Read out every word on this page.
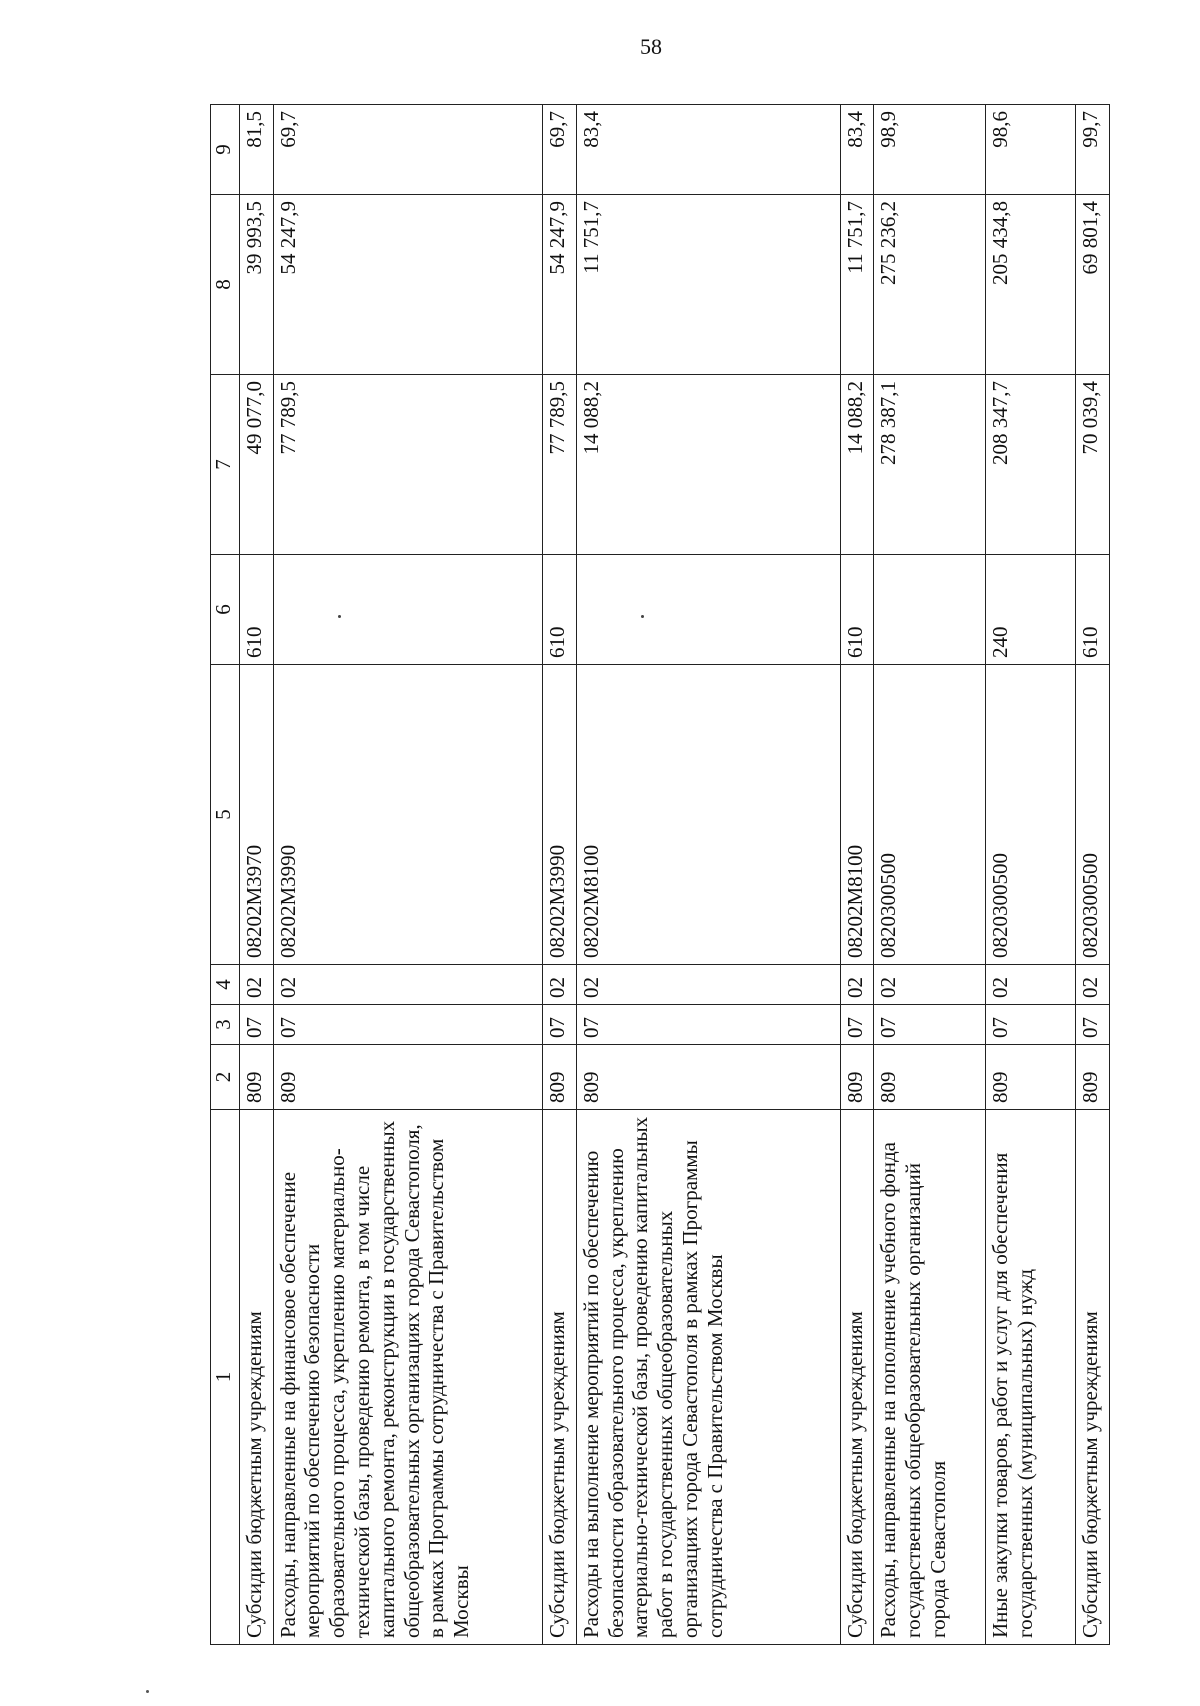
58
1	2	3	4	5	6	7	8	9
Субсидии бюджетным учреждениям	809	07	02	08202М3970	610	49 077,0	39 993,5	81,5
Расходы, направленные на финансовое обеспечение мероприятий по обеспечению безопасности образовательного процесса, укреплению материально-технической базы, проведению ремонта, в том числе капитального ремонта, реконструкции в государственных общеобразовательных организациях города Севастополя, в рамках Программы сотрудничества с Правительством Москвы	809	07	02	08202М3990		77 789,5	54 247,9	69,7
Субсидии бюджетным учреждениям	809	07	02	08202М3990	610	77 789,5	54 247,9	69,7
Расходы на выполнение мероприятий по обеспечению безопасности образовательного процесса, укреплению материально-технической базы, проведению капитальных работ в государственных общеобразовательных организациях города Севастополя в рамках Программы сотрудничества с Правительством Москвы	809	07	02	08202М8100		14 088,2	11 751,7	83,4
Субсидии бюджетным учреждениям	809	07	02	08202М8100	610	14 088,2	11 751,7	83,4
Расходы, направленные на пополнение учебного фонда государственных общеобразовательных организаций города Севастополя	809	07	02	0820300500		278 387,1	275 236,2	98,9
Иные закупки товаров, работ и услуг для обеспечения государственных (муниципальных) нужд	809	07	02	0820300500	240	208 347,7	205 434,8	98,6
Субсидии бюджетным учреждениям	809	07	02	0820300500	610	70 039,4	69 801,4	99,7
